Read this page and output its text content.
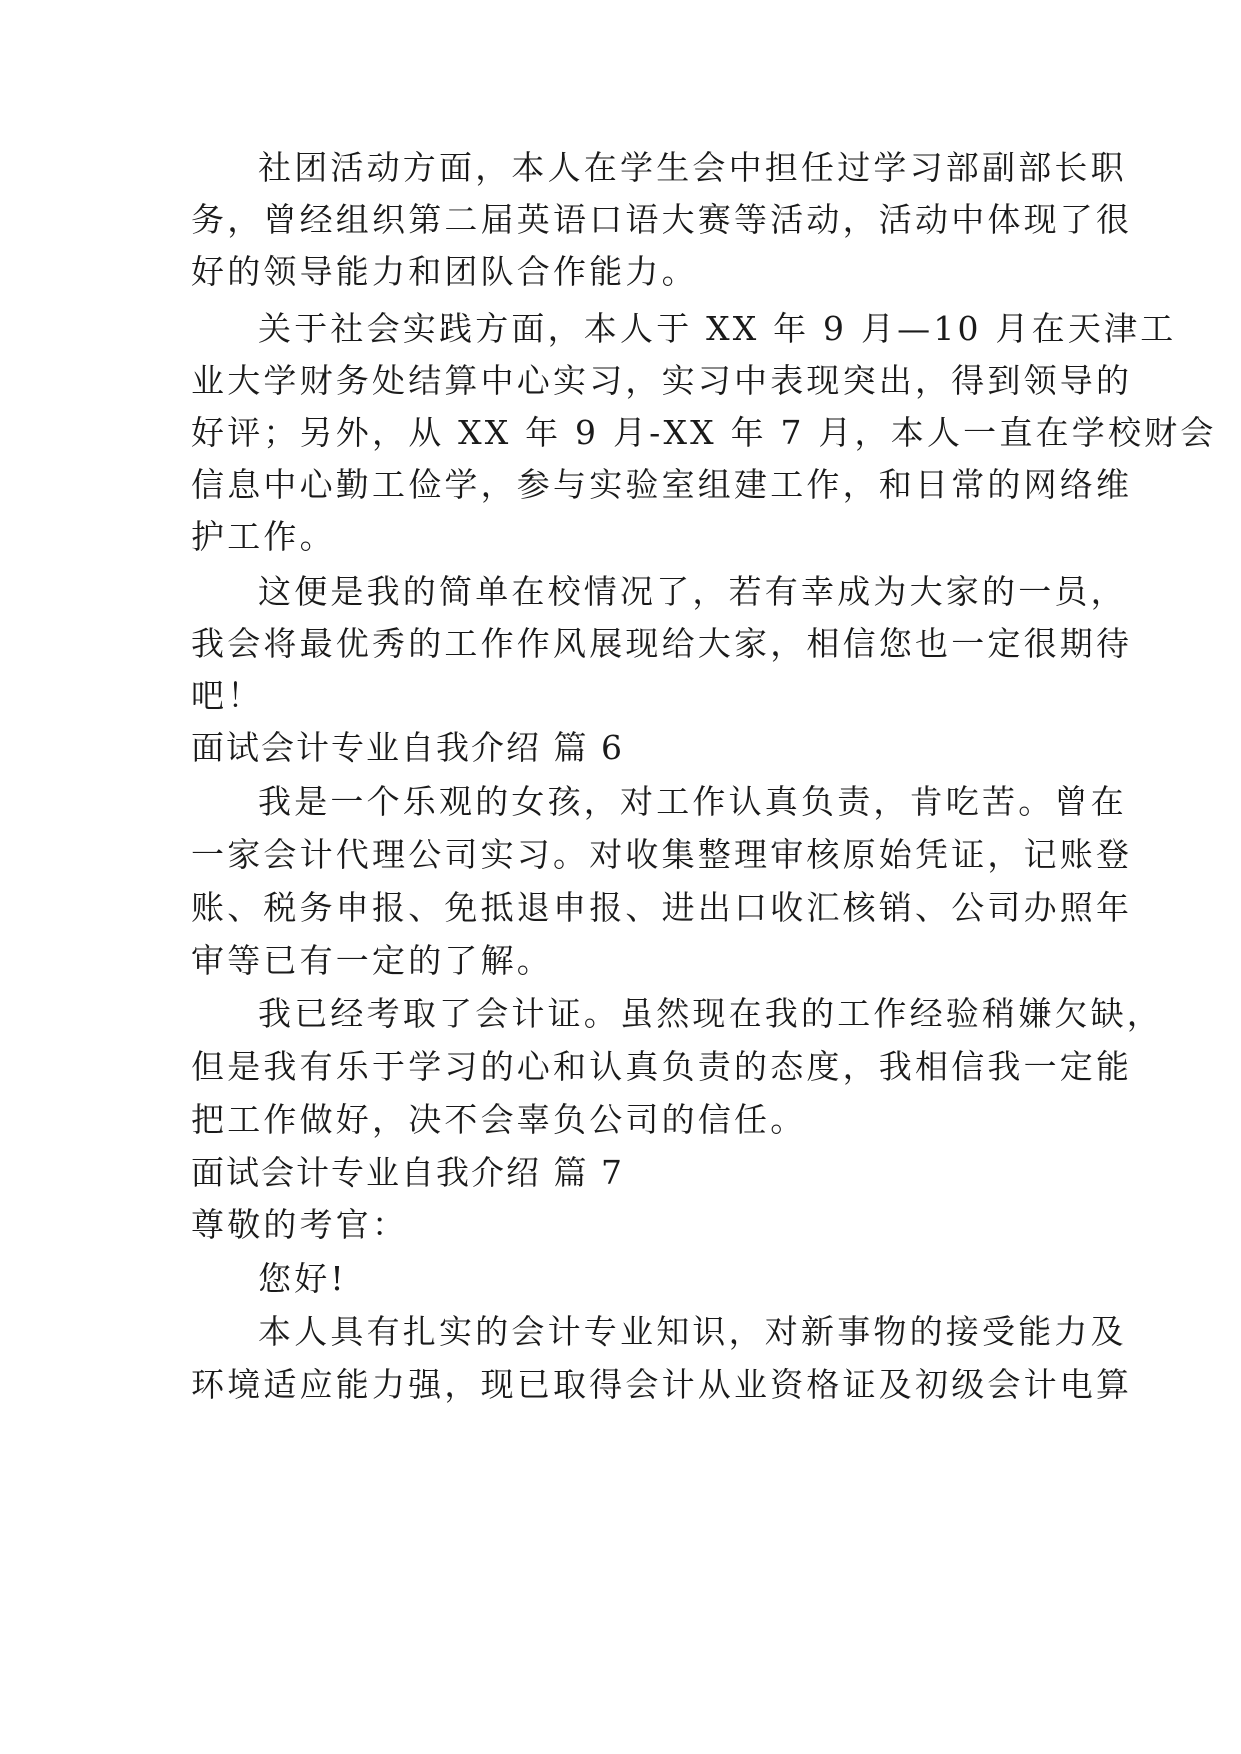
社团活动方面，本人在学生会中担任过学习部副部长职
务，曾经组织第二届英语口语大赛等活动，活动中体现了很
好的领导能力和团队合作能力。
关于社会实践方面，本人于 XX 年 9 月—10 月在天津工
业大学财务处结算中心实习，实习中表现突出，得到领导的
好评；另外，从 XX 年 9 月-XX 年 7 月，本人一直在学校财会
信息中心勤工俭学，参与实验室组建工作，和日常的网络维
护工作。
这便是我的简单在校情况了，若有幸成为大家的一员，
我会将最优秀的工作作风展现给大家，相信您也一定很期待
吧！
面试会计专业自我介绍 篇 6
我是一个乐观的女孩，对工作认真负责，肯吃苦。曾在
一家会计代理公司实习。对收集整理审核原始凭证，记账登
账、税务申报、免抵退申报、进出口收汇核销、公司办照年
审等已有一定的了解。
我已经考取了会计证。虽然现在我的工作经验稍嫌欠缺，
但是我有乐于学习的心和认真负责的态度，我相信我一定能
把工作做好，决不会辜负公司的信任。
面试会计专业自我介绍 篇 7
尊敬的考官：
您好!
本人具有扎实的会计专业知识，对新事物的接受能力及
环境适应能力强，现已取得会计从业资格证及初级会计电算
